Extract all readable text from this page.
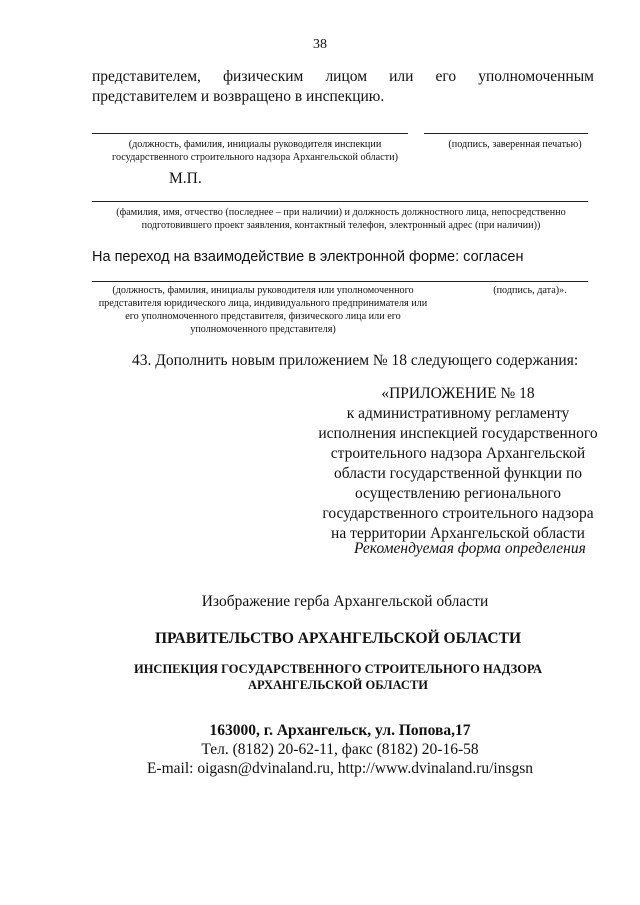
38
представителем, физическим лицом или его уполномоченным
представителем и возвращено в инспекцию.
(должность, фамилия, инициалы руководителя инспекции государственного строительного надзора Архангельской области)
(подпись, заверенная печатью)
М.П.
(фамилия, имя, отчество (последнее – при наличии) и должность должностного лица, непосредственно подготовившего проект заявления, контактный телефон, электронный адрес (при наличии))
На переход на взаимодействие в электронной форме: согласен
(должность, фамилия, инициалы руководителя или уполномоченного представителя юридического лица, индивидуального предпринимателя или его уполномоченного представителя, физического лица или его уполномоченного представителя)
(подпись, дата)».
43. Дополнить новым приложением № 18 следующего содержания:
«ПРИЛОЖЕНИЕ № 18
к административному регламенту
исполнения инспекцией государственного
строительного надзора Архангельской
области государственной функции по
осуществлению регионального
государственного строительного надзора
на территории Архангельской области
Рекомендуемая форма определения
Изображение герба Архангельской области
ПРАВИТЕЛЬСТВО АРХАНГЕЛЬСКОЙ ОБЛАСТИ
ИНСПЕКЦИЯ ГОСУДАРСТВЕННОГО СТРОИТЕЛЬНОГО НАДЗОРА
АРХАНГЕЛЬСКОЙ ОБЛАСТИ
163000, г. Архангельск, ул. Попова,17
Тел. (8182) 20-62-11, факс (8182) 20-16-58
E-mail: oigasn@dvinaland.ru, http://www.dvinaland.ru/insgsn
